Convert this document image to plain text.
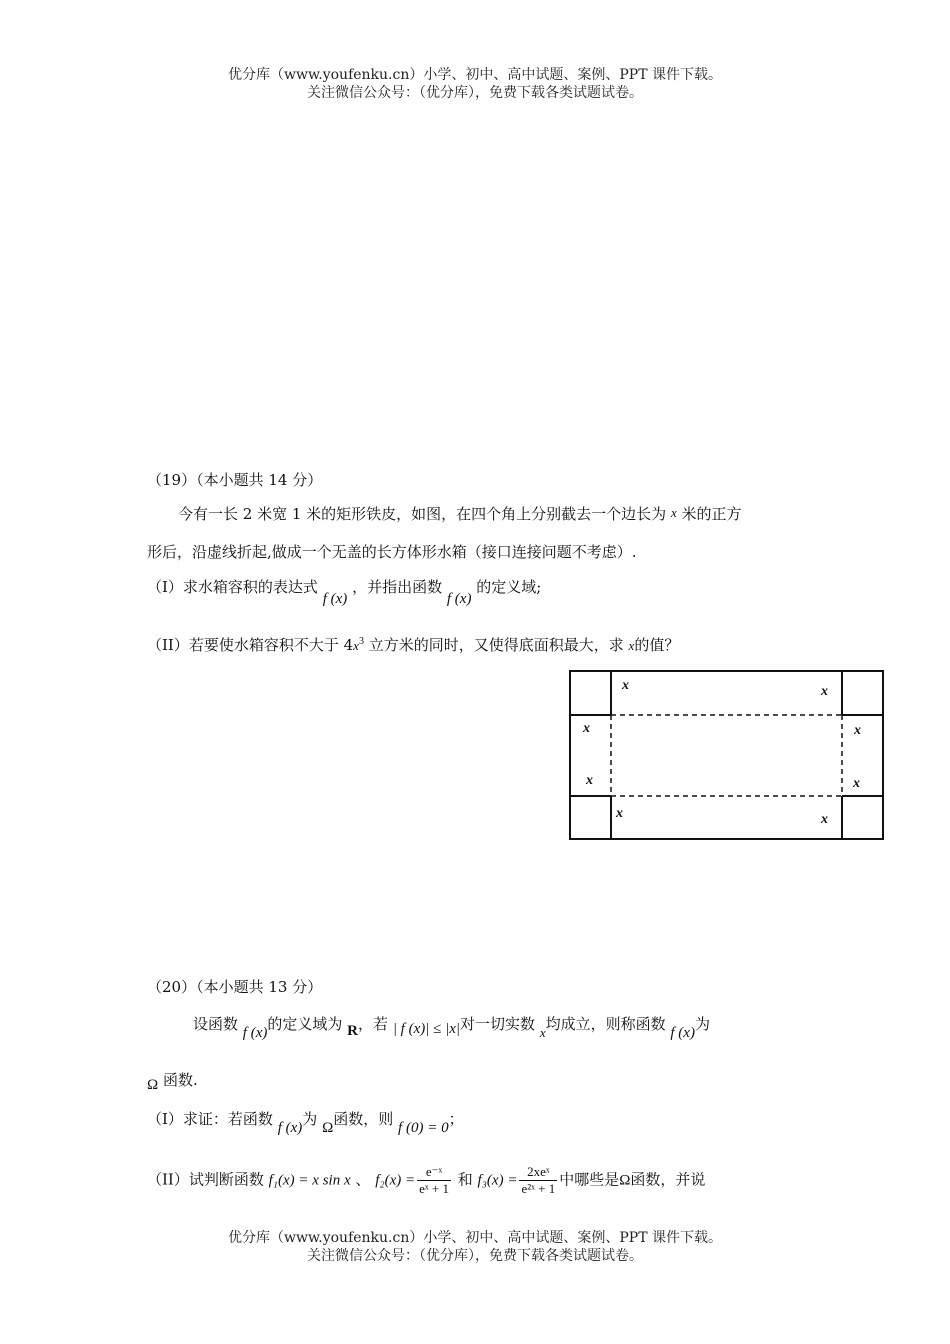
优分库（www.youfenku.cn）小学、初中、高中试题、案例、PPT 课件下载。
关注微信公众号：（优分库），免费下载各类试题试卷。
（19）（本小题共 14 分）
今有一长 2 米宽 1 米的矩形铁皮，如图，在四个角上分别截去一个边长为 x 米的正方
形后，沿虚线折起,做成一个无盖的长方体形水箱（接口连接问题不考虑）.
（I）求水箱容积的表达式 f (x) ，并指出函数 f (x) 的定义域;
（II）若要使水箱容积不大于 $4x^3$ 立方米的同时，又使得底面积最大，求 x的值？
x	x
x	x
x	x
x	x
（20）（本小题共 13 分）
设函数 f (x)的定义域为 R，若 | f (x)| ≤ |x|对一切实数 x均成立，则称函数 f (x)为
Ω 函数.
（I）求证：若函数 f (x)为 Ω函数，则 f (0) = 0；
（II）试判断函数 f₁(x) = x sin x 、 $f_2(x) = \frac{\text{e⁻ˣ}}{\text{eˣ + 1}}$ 和 $f_3(x) = \frac{\text{2xeˣ}}{\text{e²ˣ + 1}}$ 中哪些是Ω函数，并说
优分库（www.youfenku.cn）小学、初中、高中试题、案例、PPT 课件下载。
关注微信公众号：（优分库），免费下载各类试题试卷。
